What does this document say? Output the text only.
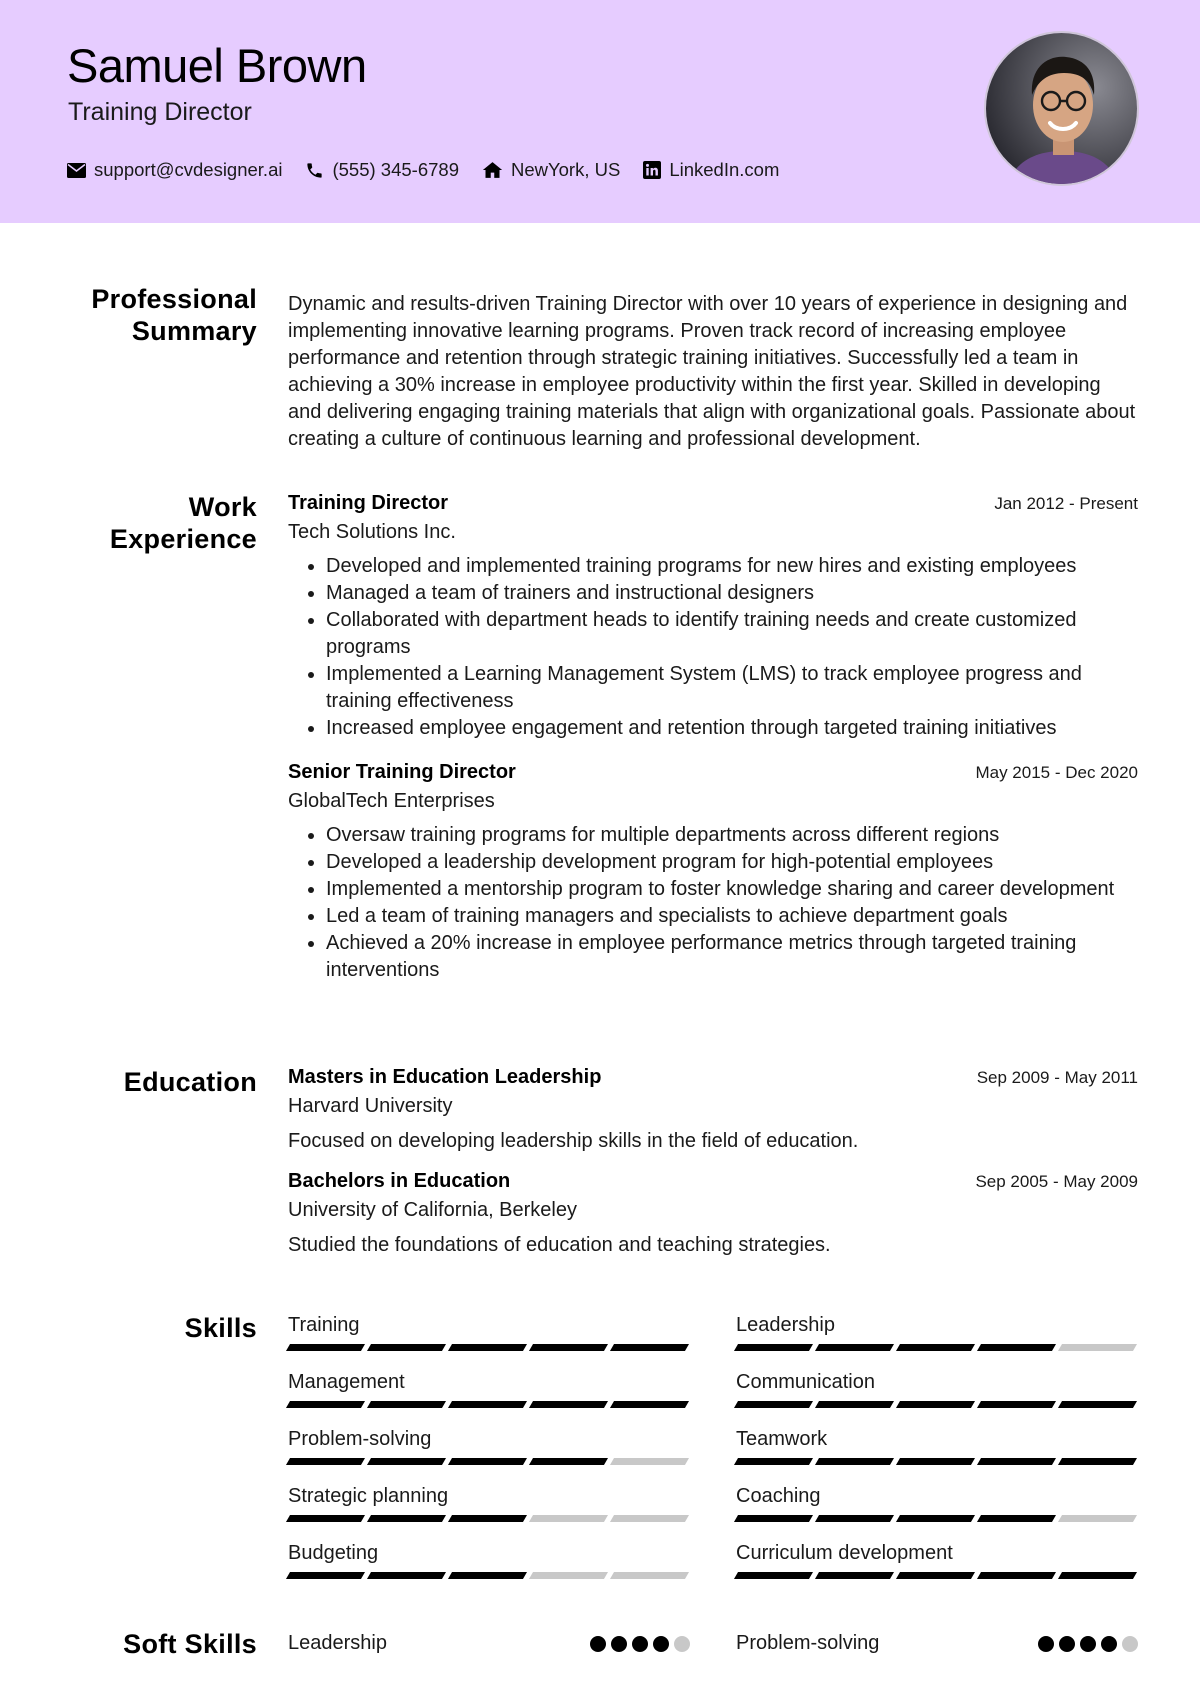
Samuel Brown
Training Director
support@cvdesigner.ai	(555) 345-6789	NewYork, US	LinkedIn.com
Professional
Summary
Dynamic and results-driven Training Director with over 10 years of experience in designing and implementing innovative learning programs. Proven track record of increasing employee performance and retention through strategic training initiatives. Successfully led a team in achieving a 30% increase in employee productivity within the first year. Skilled in developing and delivering engaging training materials that align with organizational goals. Passionate about creating a culture of continuous learning and professional development.
Work
Experience
Training Director	Jan 2012 - Present
Tech Solutions Inc.
• Developed and implemented training programs for new hires and existing employees
• Managed a team of trainers and instructional designers
• Collaborated with department heads to identify training needs and create customized programs
• Implemented a Learning Management System (LMS) to track employee progress and training effectiveness
• Increased employee engagement and retention through targeted training initiatives
Senior Training Director	May 2015 - Dec 2020
GlobalTech Enterprises
• Oversaw training programs for multiple departments across different regions
• Developed a leadership development program for high-potential employees
• Implemented a mentorship program to foster knowledge sharing and career development
• Led a team of training managers and specialists to achieve department goals
• Achieved a 20% increase in employee performance metrics through targeted training interventions
Education Masters in Education Leadership	Sep 2009 - May 2011
Harvard University
Focused on developing leadership skills in the field of education.
Bachelors in Education	Sep 2005 - May 2009
University of California, Berkeley
Studied the foundations of education and teaching strategies.
Skills Training	Leadership
Management	Communication
Problem-solving	Teamwork
Strategic planning	Coaching
Budgeting	Curriculum development
Soft Skills Leadership	Problem-solving
